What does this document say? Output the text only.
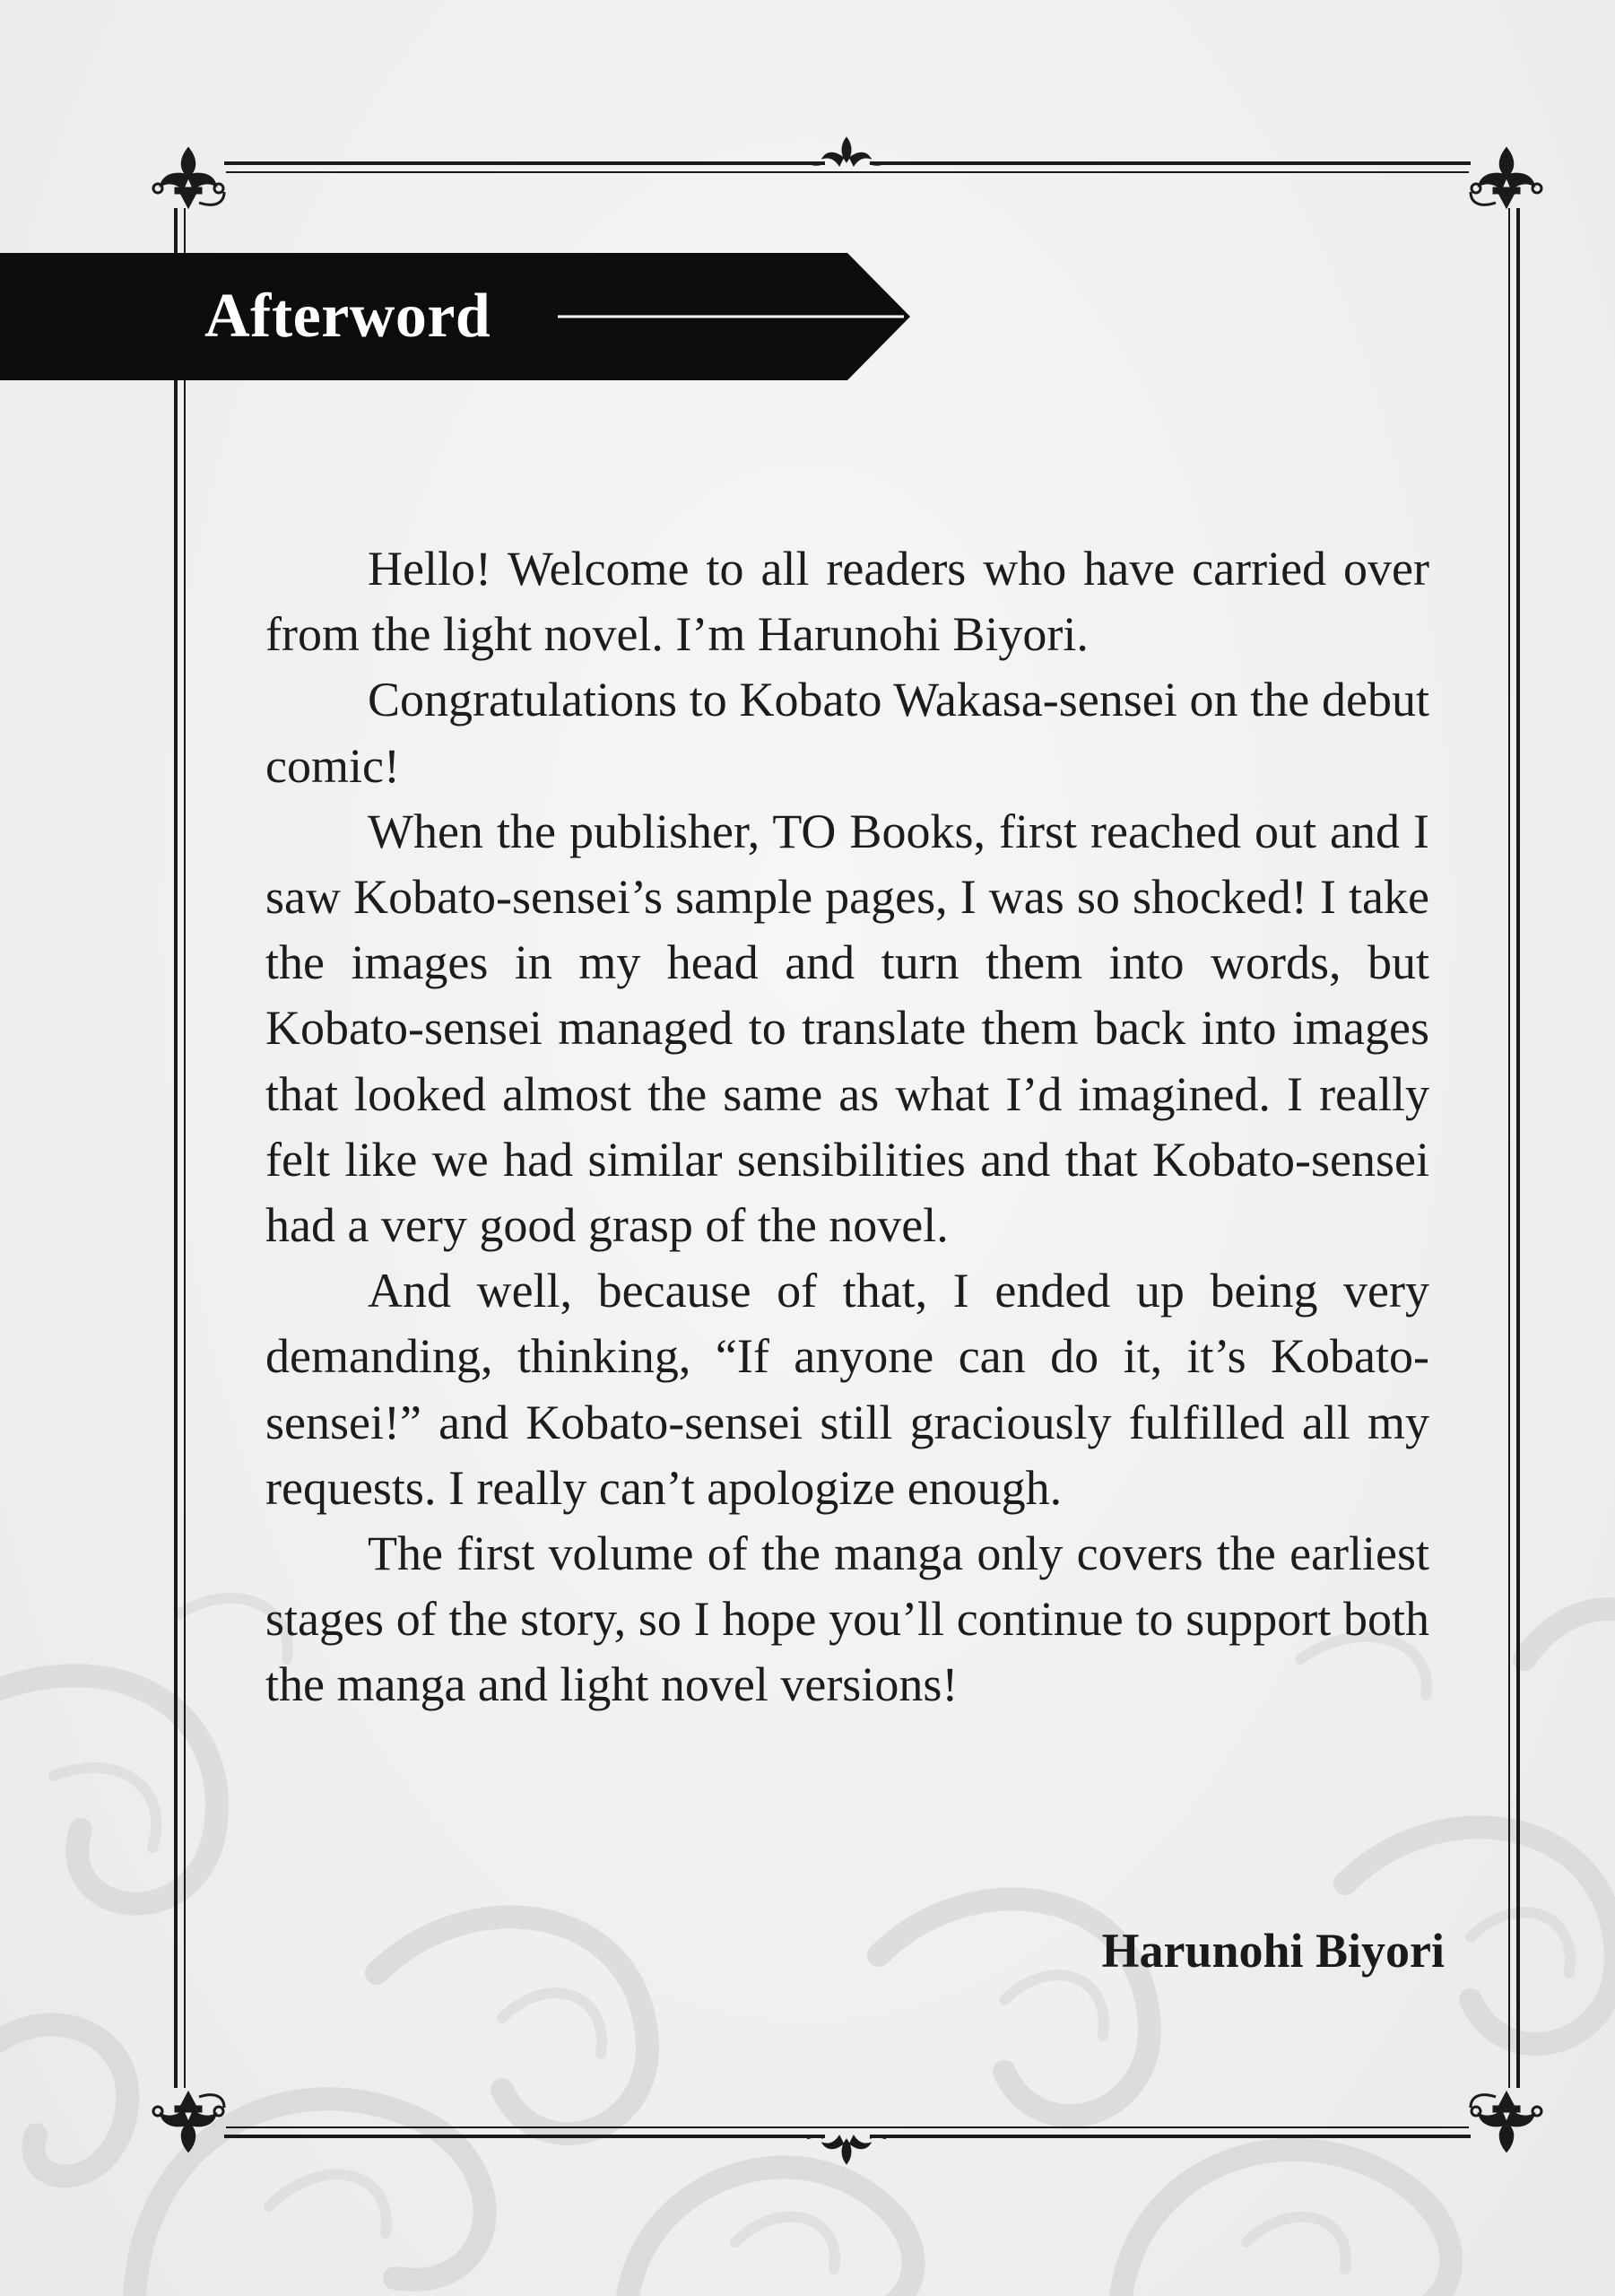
Afterword

Hello! Welcome to all readers who have carried over from the light novel. I’m Harunohi Biyori.

Congratulations to Kobato Wakasa-sensei on the debut comic!

When the publisher, TO Books, first reached out and I saw Kobato-sensei’s sample pages, I was so shocked! I take the images in my head and turn them into words, but Kobato-sensei managed to translate them back into images that looked almost the same as what I’d imagined. I really felt like we had similar sensibilities and that Kobato-sensei had a very good grasp of the novel.

And well, because of that, I ended up being very demanding, thinking, “If anyone can do it, it’s Kobato-sensei!” and Kobato-sensei still graciously fulfilled all my requests. I really can’t apologize enough.

The first volume of the manga only covers the earliest stages of the story, so I hope you’ll continue to support both the manga and light novel versions!

Harunohi Biyori
